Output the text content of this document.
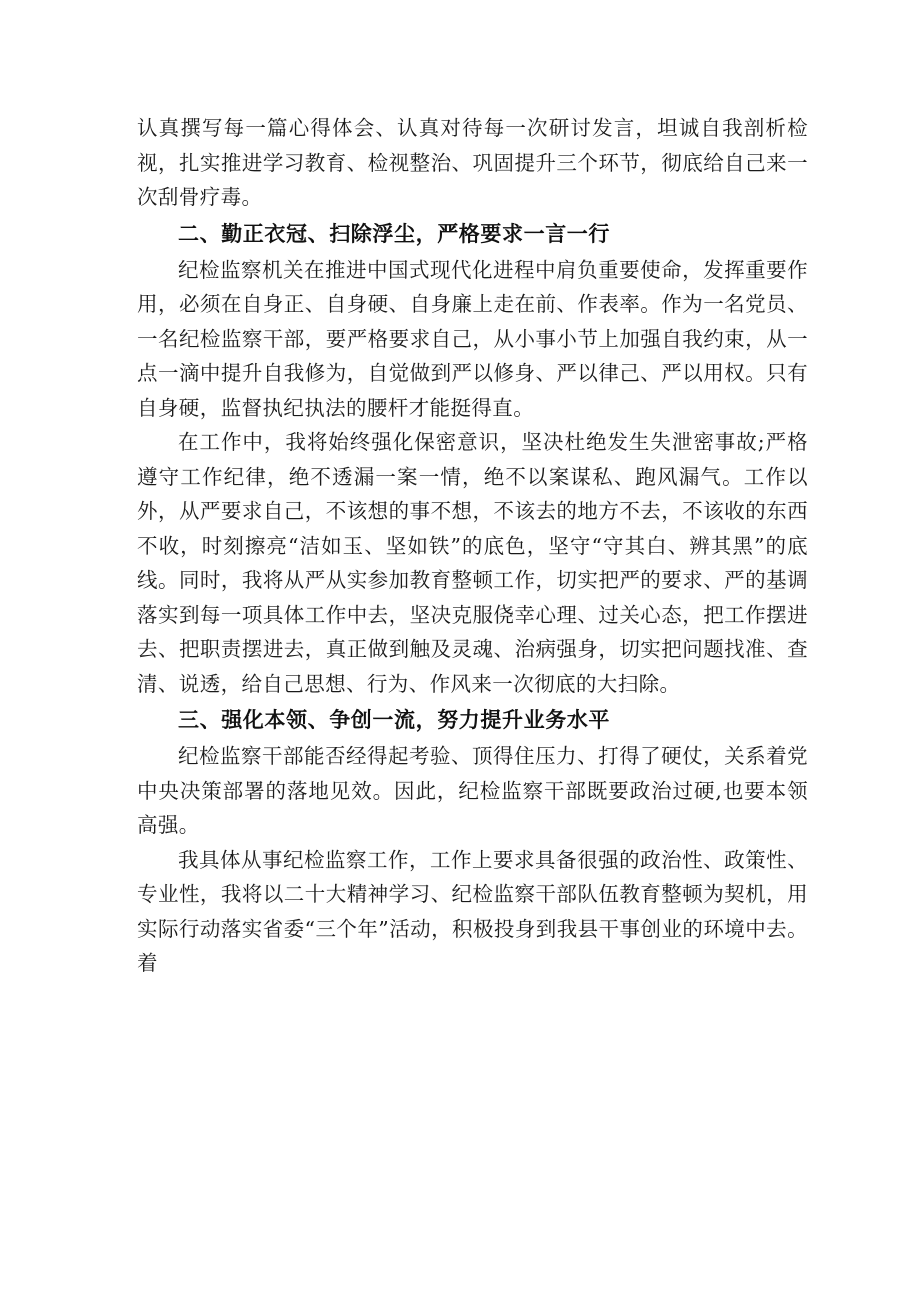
认真撰写每一篇心得体会、认真对待每一次研讨发言，坦诚自我剖析检视，扎实推进学习教育、检视整治、巩固提升三个环节，彻底给自己来一次刮骨疗毒。

二、勤正衣冠、扫除浮尘，严格要求一言一行

纪检监察机关在推进中国式现代化进程中肩负重要使命，发挥重要作用，必须在自身正、自身硬、自身廉上走在前、作表率。作为一名党员、一名纪检监察干部，要严格要求自己，从小事小节上加强自我约束，从一点一滴中提升自我修为，自觉做到严以修身、严以律己、严以用权。只有自身硬，监督执纪执法的腰杆才能挺得直。

在工作中，我将始终强化保密意识，坚决杜绝发生失泄密事故;严格遵守工作纪律，绝不透漏一案一情，绝不以案谋私、跑风漏气。工作以外，从严要求自己，不该想的事不想，不该去的地方不去，不该收的东西不收，时刻擦亮“洁如玉、坚如铁”的底色，坚守“守其白、辨其黑”的底线。同时，我将从严从实参加教育整顿工作，切实把严的要求、严的基调落实到每一项具体工作中去，坚决克服侥幸心理、过关心态，把工作摆进去、把职责摆进去，真正做到触及灵魂、治病强身，切实把问题找准、查清、说透，给自己思想、行为、作风来一次彻底的大扫除。

三、强化本领、争创一流，努力提升业务水平

纪检监察干部能否经得起考验、顶得住压力、打得了硬仗，关系着党中央决策部署的落地见效。因此，纪检监察干部既要政治过硬,也要本领高强。

我具体从事纪检监察工作，工作上要求具备很强的政治性、政策性、专业性，我将以二十大精神学习、纪检监察干部队伍教育整顿为契机，用实际行动落实省委“三个年”活动，积极投身到我县干事创业的环境中去。着
